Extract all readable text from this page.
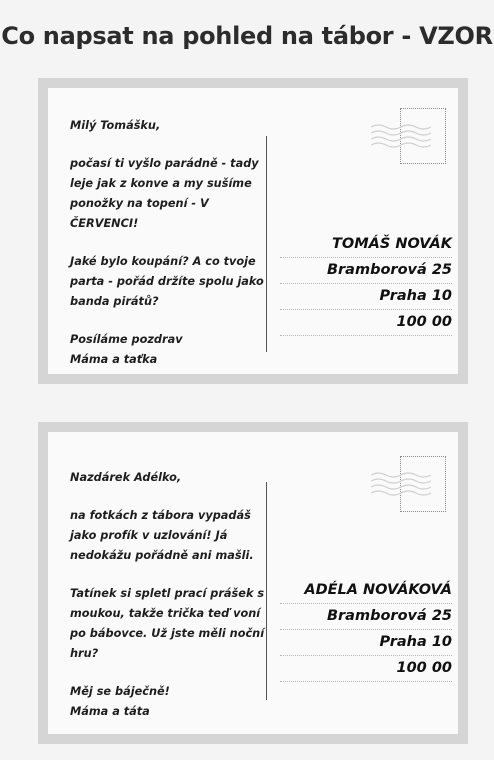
Co napsat na pohled na tábor - VZOR

Milý Tomášku,

počasí ti vyšlo parádně - tady leje jak z konve a my sušíme ponožky na topení - V ČERVENCI!

Jaké bylo koupání? A co tvoje parta - pořád držíte spolu jako banda pirátů?

Posíláme pozdrav
Máma a taťka

TOMÁŠ NOVÁK
Bramborová 25
Praha 10
100 00

Nazdárek Adélko,

na fotkách z tábora vypadáš jako profík v uzlování! Já nedokážu pořádně ani mašli.

Tatínek si spletl prací prášek s moukou, takže trička teď voní po bábovce. Už jste měli noční hru?

Měj se báječně!
Máma a táta

ADÉLA NOVÁKOVÁ
Bramborová 25
Praha 10
100 00
